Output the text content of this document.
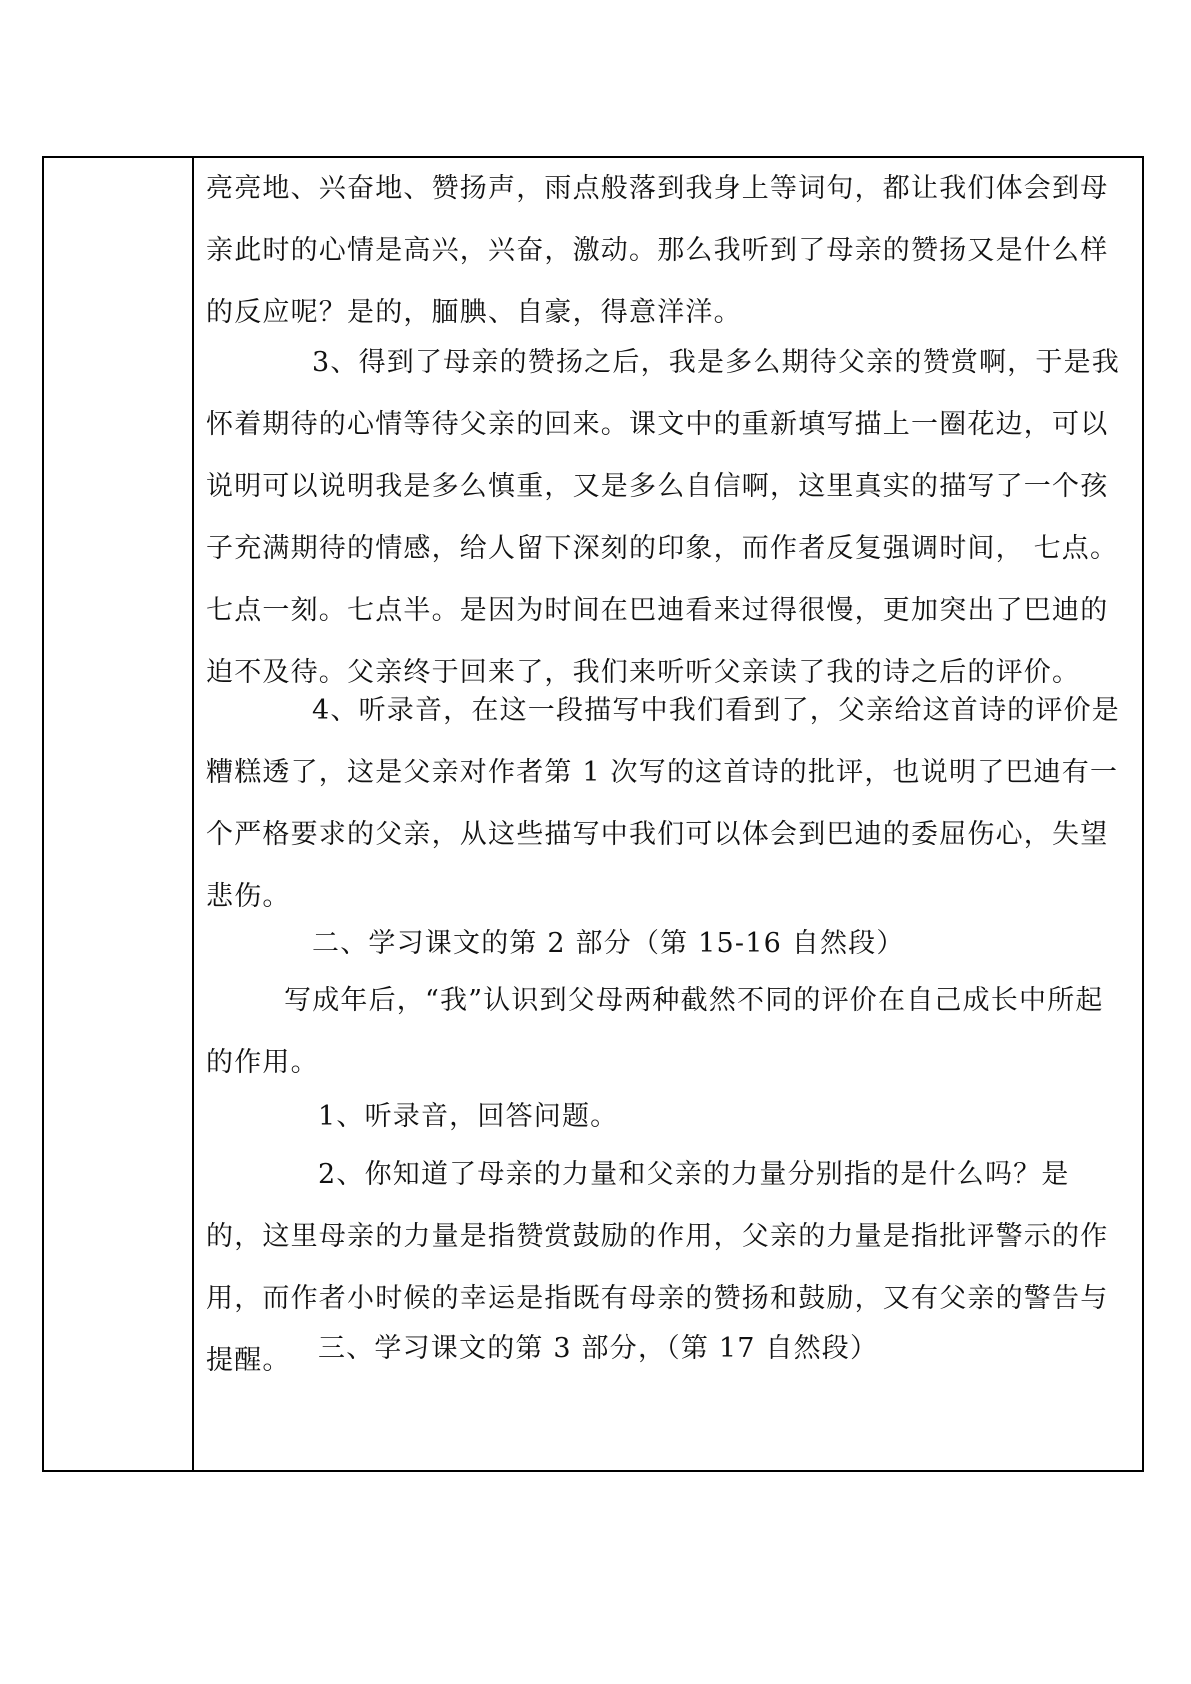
亮亮地、兴奋地、赞扬声，雨点般落到我身上等词句，都让我们体会到母亲此时的心情是高兴，兴奋，激动。那么我听到了母亲的赞扬又是什么样的反应呢？是的，腼腆、自豪，得意洋洋。

3、得到了母亲的赞扬之后，我是多么期待父亲的赞赏啊，于是我怀着期待的心情等待父亲的回来。课文中的重新填写描上一圈花边，可以说明可以说明我是多么慎重，又是多么自信啊，这里真实的描写了一个孩子充满期待的情感，给人留下深刻的印象，而作者反复强调时间， 七点。七点一刻。七点半。是因为时间在巴迪看来过得很慢，更加突出了巴迪的迫不及待。父亲终于回来了，我们来听听父亲读了我的诗之后的评价。

4、听录音，在这一段描写中我们看到了，父亲给这首诗的评价是糟糕透了，这是父亲对作者第 1 次写的这首诗的批评，也说明了巴迪有一个严格要求的父亲，从这些描写中我们可以体会到巴迪的委屈伤心，失望悲伤。

二、学习课文的第 2 部分（第 15-16 自然段）

写成年后，“我”认识到父母两种截然不同的评价在自己成长中所起的作用。

1、听录音，回答问题。

2、你知道了母亲的力量和父亲的力量分别指的是什么吗？是的，这里母亲的力量是指赞赏鼓励的作用，父亲的力量是指批评警示的作用，而作者小时候的幸运是指既有母亲的赞扬和鼓励，又有父亲的警告与提醒。	三、学习课文的第 3 部分，（第 17 自然段）
